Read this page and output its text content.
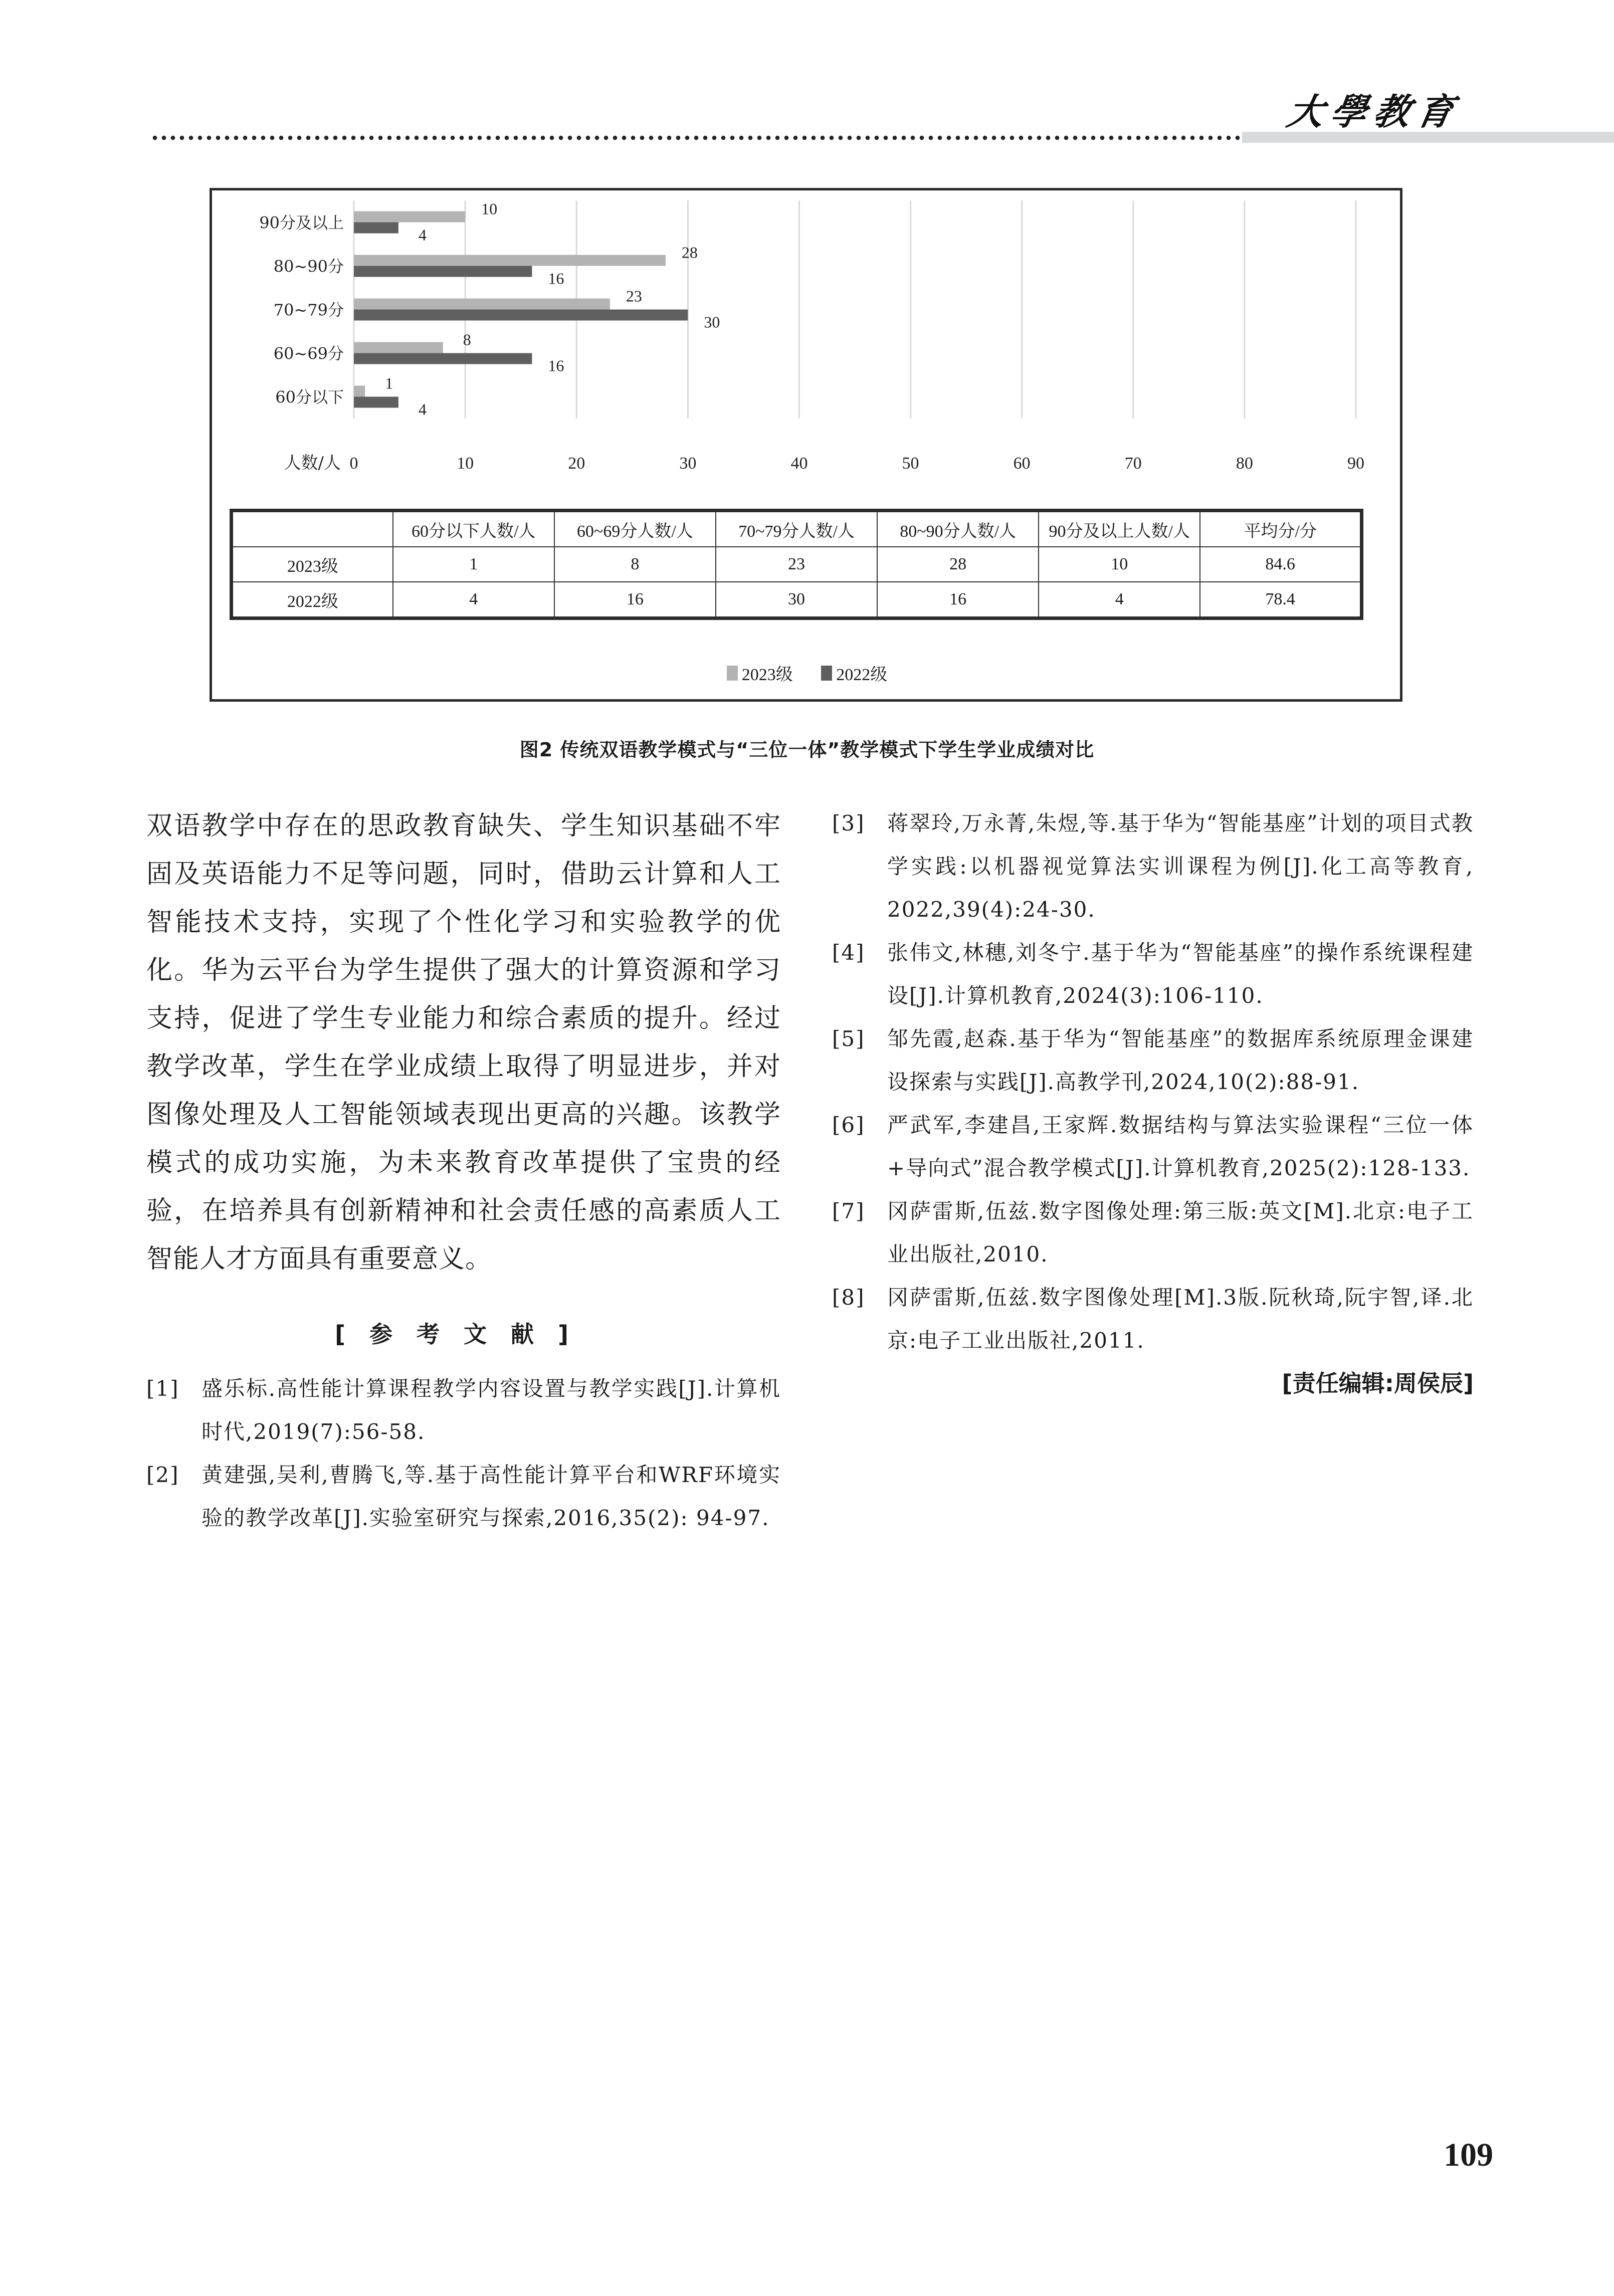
大學教育
0	10	20	30	40	50	60	70	80	90
人数/人
90分及以上
10
4
80~90分
28
16
70~79分
23
30
60~69分
8
16
60分以下
1
4
	60分以下人数/人	60~69分人数/人	70~79分人数/人	80~90分人数/人	90分及以上人数/人	平均分/分
2023级	1	8	23	28	10	84.6
2022级	4	16	30	16	4	78.4
2023级
	2022级
图2 传统双语教学模式与“三位一体”教学模式下学生学业成绩对比

双语教学中存在的思政教育缺失、学生知识基础不牢固及英语能力不足等问题，同时，借助云计算和人工智能技术支持，实现了个性化学习和实验教学的优化。华为云平台为学生提供了强大的计算资源和学习支持，促进了学生专业能力和综合素质的提升。经过教学改革，学生在学业成绩上取得了明显进步，并对图像处理及人工智能领域表现出更高的兴趣。该教学模式的成功实施，为未来教育改革提供了宝贵的经验，在培养具有创新精神和社会责任感的高素质人工智能人才方面具有重要意义。

[参考文献]
[1]	盛乐标.高性能计算课程教学内容设置与教学实践[J].计算机时代,2019(7):56-58.
[2]	黄建强,吴利,曹腾飞,等.基于高性能计算平台和WRF环境实验的教学改革[J].实验室研究与探索,2016,35(2): 94-97.
[3]	蒋翠玲,万永菁,朱煜,等.基于华为“智能基座”计划的项目式教学实践:以机器视觉算法实训课程为例[J].化工高等教育, 2022,39(4):24-30.
[4]	张伟文,林穗,刘冬宁.基于华为“智能基座”的操作系统课程建设[J].计算机教育,2024(3):106-110.
[5]	邹先霞,赵森.基于华为“智能基座”的数据库系统原理金课建设探索与实践[J].高教学刊,2024,10(2):88-91.
[6]	严武军,李建昌,王家辉.数据结构与算法实验课程“三位一体+导向式”混合教学模式[J].计算机教育,2025(2):128-133.
[7]	冈萨雷斯,伍兹.数字图像处理:第三版:英文[M].北京:电子工业出版社,2010.
[8]	冈萨雷斯,伍兹.数字图像处理[M].3版.阮秋琦,阮宇智,译.北京:电子工业出版社,2011.
[责任编辑:周侯辰]
109
